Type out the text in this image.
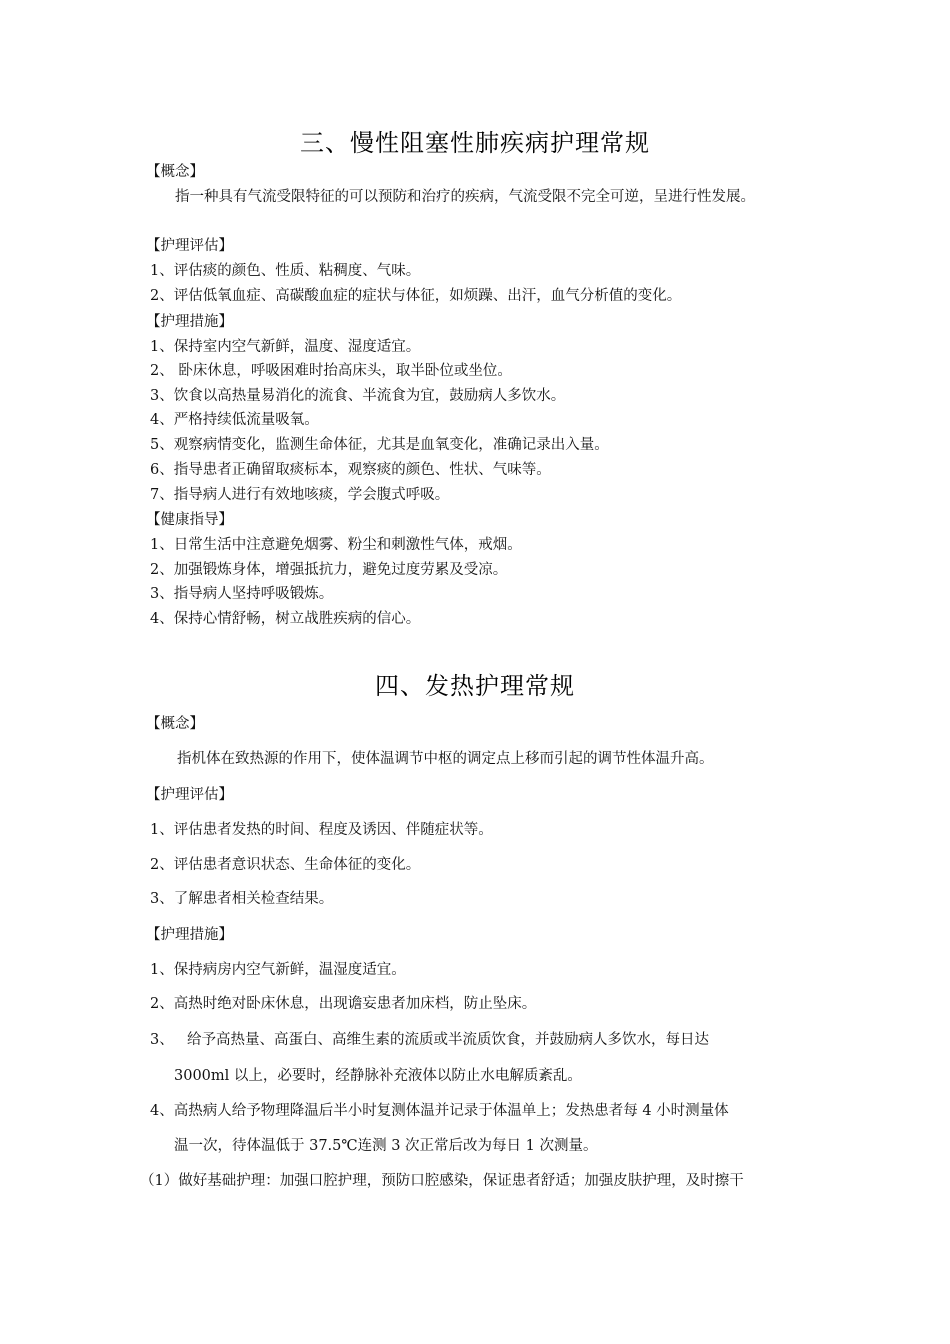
三、慢性阻塞性肺疾病护理常规
【概念】
指一种具有气流受限特征的可以预防和治疗的疾病，气流受限不完全可逆，呈进行性发展。
【护理评估】
1、评估痰的颜色、性质、粘稠度、气味。
2、评估低氧血症、高碳酸血症的症状与体征，如烦躁、出汗，血气分析值的变化。
【护理措施】
1、保持室内空气新鲜，温度、湿度适宜。
2、 卧床休息，呼吸困难时抬高床头，取半卧位或坐位。
3、饮食以高热量易消化的流食、半流食为宜，鼓励病人多饮水。
4、严格持续低流量吸氧。
5、观察病情变化，监测生命体征，尤其是血氧变化，准确记录出入量。
6、指导患者正确留取痰标本，观察痰的颜色、性状、气味等。
7、指导病人进行有效地咳痰，学会腹式呼吸。
【健康指导】
1、日常生活中注意避免烟雾、粉尘和刺激性气体，戒烟。
2、加强锻炼身体，增强抵抗力，避免过度劳累及受凉。
3、指导病人坚持呼吸锻炼。
4、保持心情舒畅，树立战胜疾病的信心。
四、发热护理常规
【概念】
指机体在致热源的作用下，使体温调节中枢的调定点上移而引起的调节性体温升高。
【护理评估】
1、评估患者发热的时间、程度及诱因、伴随症状等。
2、评估患者意识状态、生命体征的变化。
3、了解患者相关检查结果。
【护理措施】
1、保持病房内空气新鲜，温湿度适宜。
2、高热时绝对卧床休息，出现谵妄患者加床档，防止坠床。
3、 给予高热量、高蛋白、高维生素的流质或半流质饮食，并鼓励病人多饮水，每日达
3000ml 以上，必要时，经静脉补充液体以防止水电解质紊乱。
4、高热病人给予物理降温后半小时复测体温并记录于体温单上；发热患者每 4 小时测量体
温一次，待体温低于 37.5℃连测 3 次正常后改为每日 1 次测量。
（1）做好基础护理：加强口腔护理，预防口腔感染，保证患者舒适；加强皮肤护理，及时擦干
